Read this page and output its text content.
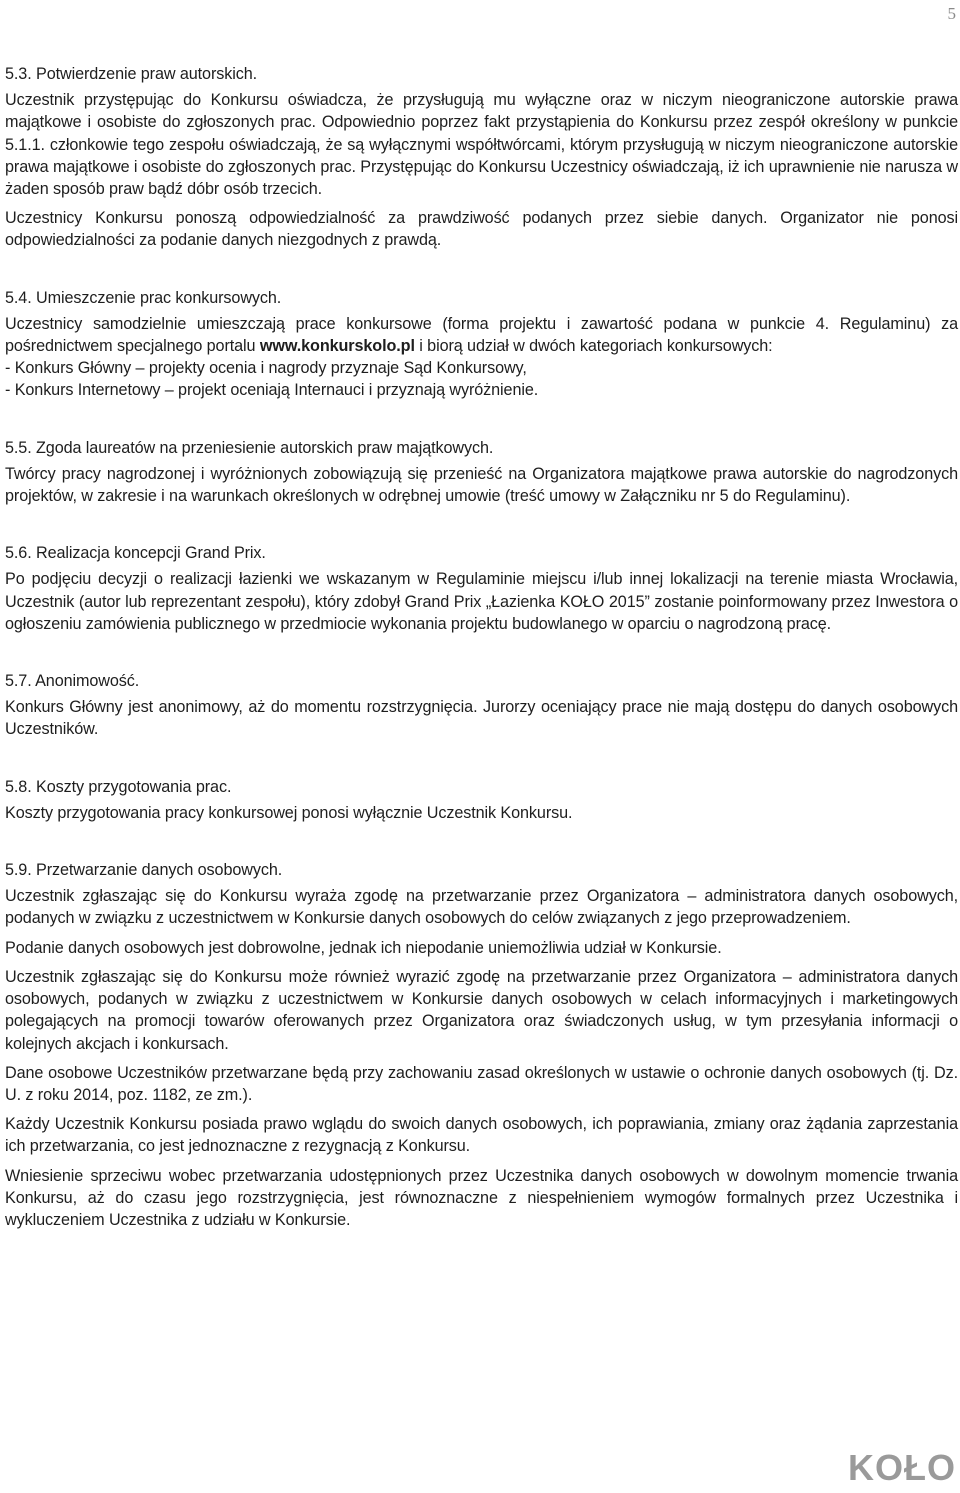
5
5.3. Potwierdzenie praw autorskich.

Uczestnik przystępując do Konkursu oświadcza, że przysługują mu wyłączne oraz w niczym nieograniczone autorskie prawa majątkowe i osobiste do zgłoszonych prac. Odpowiednio poprzez fakt przystąpienia do Konkursu przez zespół określony w punkcie 5.1.1. członkowie tego zespołu oświadczają, że są wyłącznymi współtwórcami, którym przysługują w niczym nieograniczone autorskie prawa majątkowe i osobiste do zgłoszonych prac. Przystępując do Konkursu Uczestnicy oświadczają, iż ich uprawnienie nie narusza w żaden sposób praw bądź dóbr osób trzecich.

Uczestnicy Konkursu ponoszą odpowiedzialność za prawdziwość podanych przez siebie danych. Organizator nie ponosi odpowiedzialności za podanie danych niezgodnych z prawdą.

5.4. Umieszczenie prac konkursowych.

Uczestnicy samodzielnie umieszczają prace konkursowe (forma projektu i zawartość podana w punkcie 4. Regulaminu) za pośrednictwem specjalnego portalu www.konkurskolo.pl i biorą udział w dwóch kategoriach konkursowych:

- Konkurs Główny – projekty ocenia i nagrody przyznaje Sąd Konkursowy,

- Konkurs Internetowy – projekt oceniają Internauci i przyznają wyróżnienie.

5.5. Zgoda laureatów na przeniesienie autorskich praw majątkowych.

Twórcy pracy nagrodzonej i wyróżnionych zobowiązują się przenieść na Organizatora majątkowe prawa autorskie do nagrodzonych projektów, w zakresie i na warunkach określonych w odrębnej umowie (treść umowy w Załączniku nr 5 do Regulaminu).

5.6. Realizacja koncepcji Grand Prix.

Po podjęciu decyzji o realizacji łazienki we wskazanym w Regulaminie miejscu i/lub innej lokalizacji na terenie miasta Wrocławia, Uczestnik (autor lub reprezentant zespołu), który zdobył Grand Prix „Łazienka KOŁO 2015” zostanie poinformowany przez Inwestora o ogłoszeniu zamówienia publicznego w przedmiocie wykonania projektu budowlanego w oparciu o nagrodzoną pracę.

5.7. Anonimowość.

Konkurs Główny jest anonimowy, aż do momentu rozstrzygnięcia. Jurorzy oceniający prace nie mają dostępu do danych osobowych Uczestników.

5.8. Koszty przygotowania prac.

Koszty przygotowania pracy konkursowej ponosi wyłącznie Uczestnik Konkursu.

5.9. Przetwarzanie danych osobowych.

Uczestnik zgłaszając się do Konkursu wyraża zgodę na przetwarzanie przez Organizatora – administratora danych osobowych, podanych w związku z uczestnictwem w Konkursie danych osobowych do celów związanych z jego przeprowadzeniem.

Podanie danych osobowych jest dobrowolne, jednak ich niepodanie uniemożliwia udział w Konkursie.

Uczestnik zgłaszając się do Konkursu może również wyrazić zgodę na przetwarzanie przez Organizatora – administratora danych osobowych, podanych w związku z uczestnictwem w Konkursie danych osobowych w celach informacyjnych i marketingowych polegających na promocji towarów oferowanych przez Organizatora oraz świadczonych usług, w tym przesyłania informacji o kolejnych akcjach i konkursach.

Dane osobowe Uczestników przetwarzane będą przy zachowaniu zasad określonych w ustawie o ochronie danych osobowych (tj. Dz. U. z roku 2014, poz. 1182, ze zm.).

Każdy Uczestnik Konkursu posiada prawo wglądu do swoich danych osobowych, ich poprawiania, zmiany oraz żądania zaprzestania ich przetwarzania, co jest jednoznaczne z rezygnacją z Konkursu.

Wniesienie sprzeciwu wobec przetwarzania udostępnionych przez Uczestnika danych osobowych w dowolnym momencie trwania Konkursu, aż do czasu jego rozstrzygnięcia, jest równoznaczne z niespełnieniem wymogów formalnych przez Uczestnika i wykluczeniem Uczestnika z udziału w Konkursie.

KOŁO
